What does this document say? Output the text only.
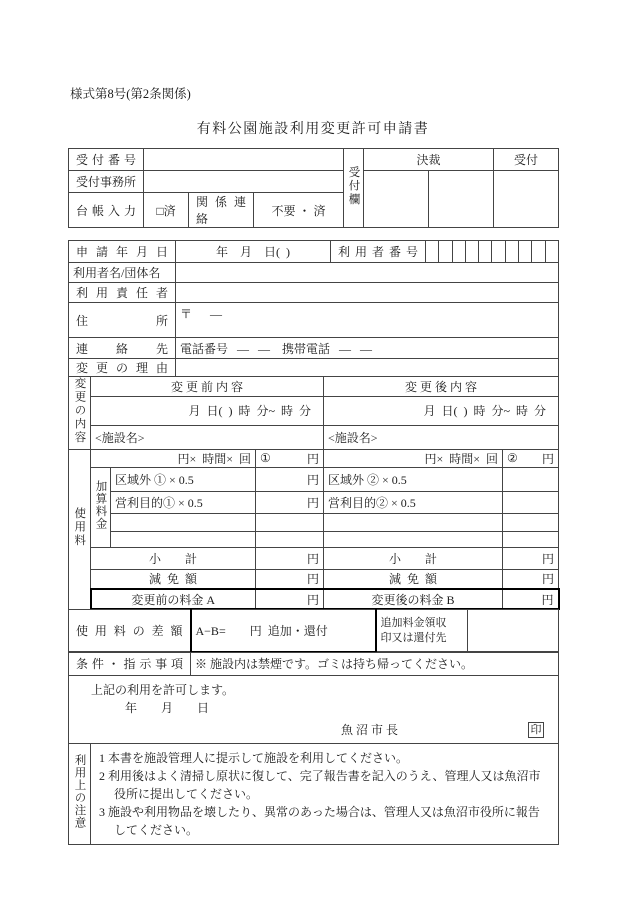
様式第8号(第2条関係)

有料公園施設利用変更許可申請書
受 付 番 号				受付欄	決裁		受付
受付事務所							
台 帳 入 力	□済	関 係 連 絡	不要 ・ 済				
申 請 年 月 日	年    月    日(  )	利 用 者 番 号										
利用者名/団体名												
利 用 責 任 者												
住 所	〒      —											
連 絡 先	電話番号   —   —    携帯電話   —   —											
変 更 の 理 由												
変更の内容	変 更 前 内 容	変 更 後 内 容
	月  日(  )  時  分~  時  分	月  日(  )  時  分~  時  分
	<施設名>	<施設名>
使用料	円×  時間×  回		① 円	円×  時間×  回	② 円

	加算料金	区域外 ① × 0.5	円	区域外 ② × 0.5	
		営利目的① × 0.5	円	営利目的② × 0.5	

	小        計		円	小        計	円
	減  免  額		円	減  免  額	円
	変更前の料金 A		円	変更後の料金 B	円
使 用 料 の 差 額	A−B=        円  追加・還付	
追加料金領収
印又は還付先

条 件 ・ 指 示 事 項	※ 施設内は禁煙です。ゴミは持ち帰ってください。
上記の利用を許可します。
年        月        日
魚 沼 市 長	印
利用上の注意	1 本書を施設管理人に提示して施設を利用してください。
2 利用後はよく清掃し原状に復して、完了報告書を記入のうえ、管理人又は魚沼市役所に提出してください。
3 施設や利用物品を壊したり、異常のあった場合は、管理人又は魚沼市役所に報告してください。
